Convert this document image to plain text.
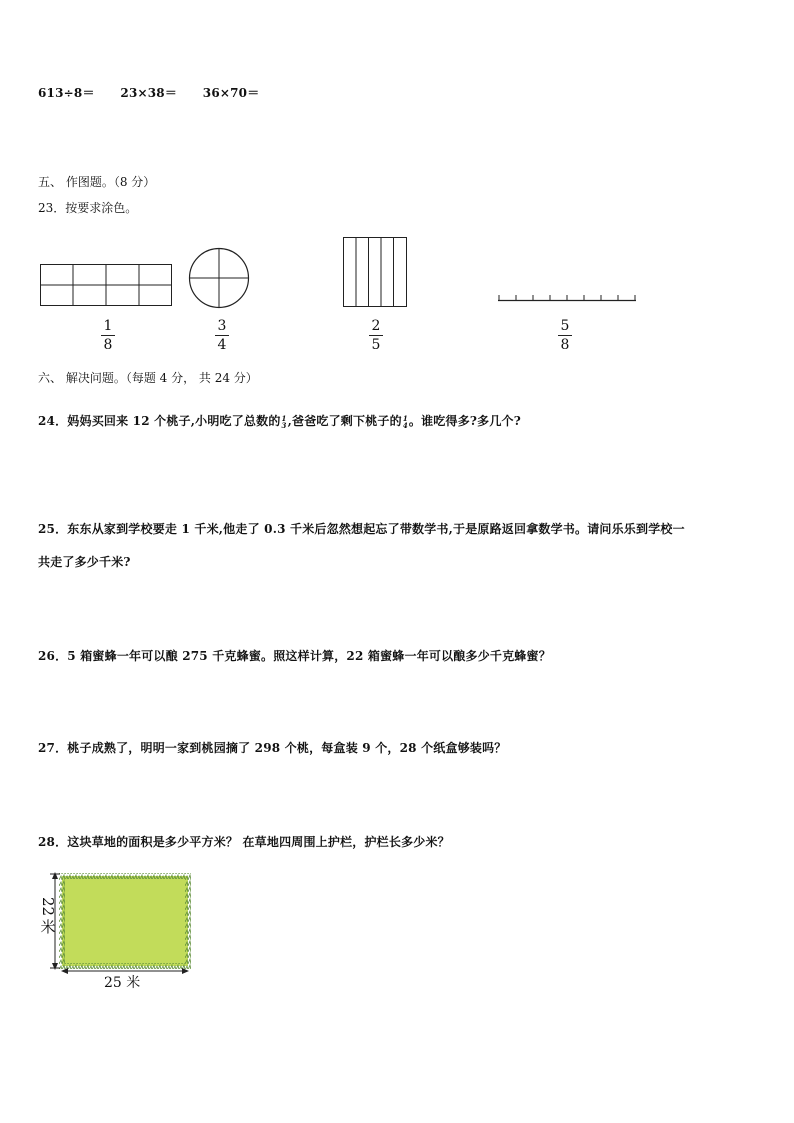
613÷8＝ 23×38＝ 36×70＝
五、 作图题。（8 分）
23．按要求涂色。
1
8
3
4
2
5
5
8
六、 解决问题。（每题 4 分， 共 24 分）
24．妈妈买回来 12 个桃子,小明吃了总数的 1
3 ,爸爸吃了剩下桃子的 1
4 。谁吃得多?多几个?
25．东东从家到学校要走 1 千米,他走了 0.3 千米后忽然想起忘了带数学书,于是原路返回拿数学书。请问乐乐到学校一
共走了多少千米?
26．5 箱蜜蜂一年可以酿 275 千克蜂蜜。照这样计算，22 箱蜜蜂一年可以酿多少千克蜂蜜？
27．桃子成熟了，明明一家到桃园摘了 298 个桃，每盒装 9 个，28 个纸盒够装吗？
28．这块草地的面积是多少平方米？ 在草地四周围上护栏，护栏长多少米？
22
米
25 米
